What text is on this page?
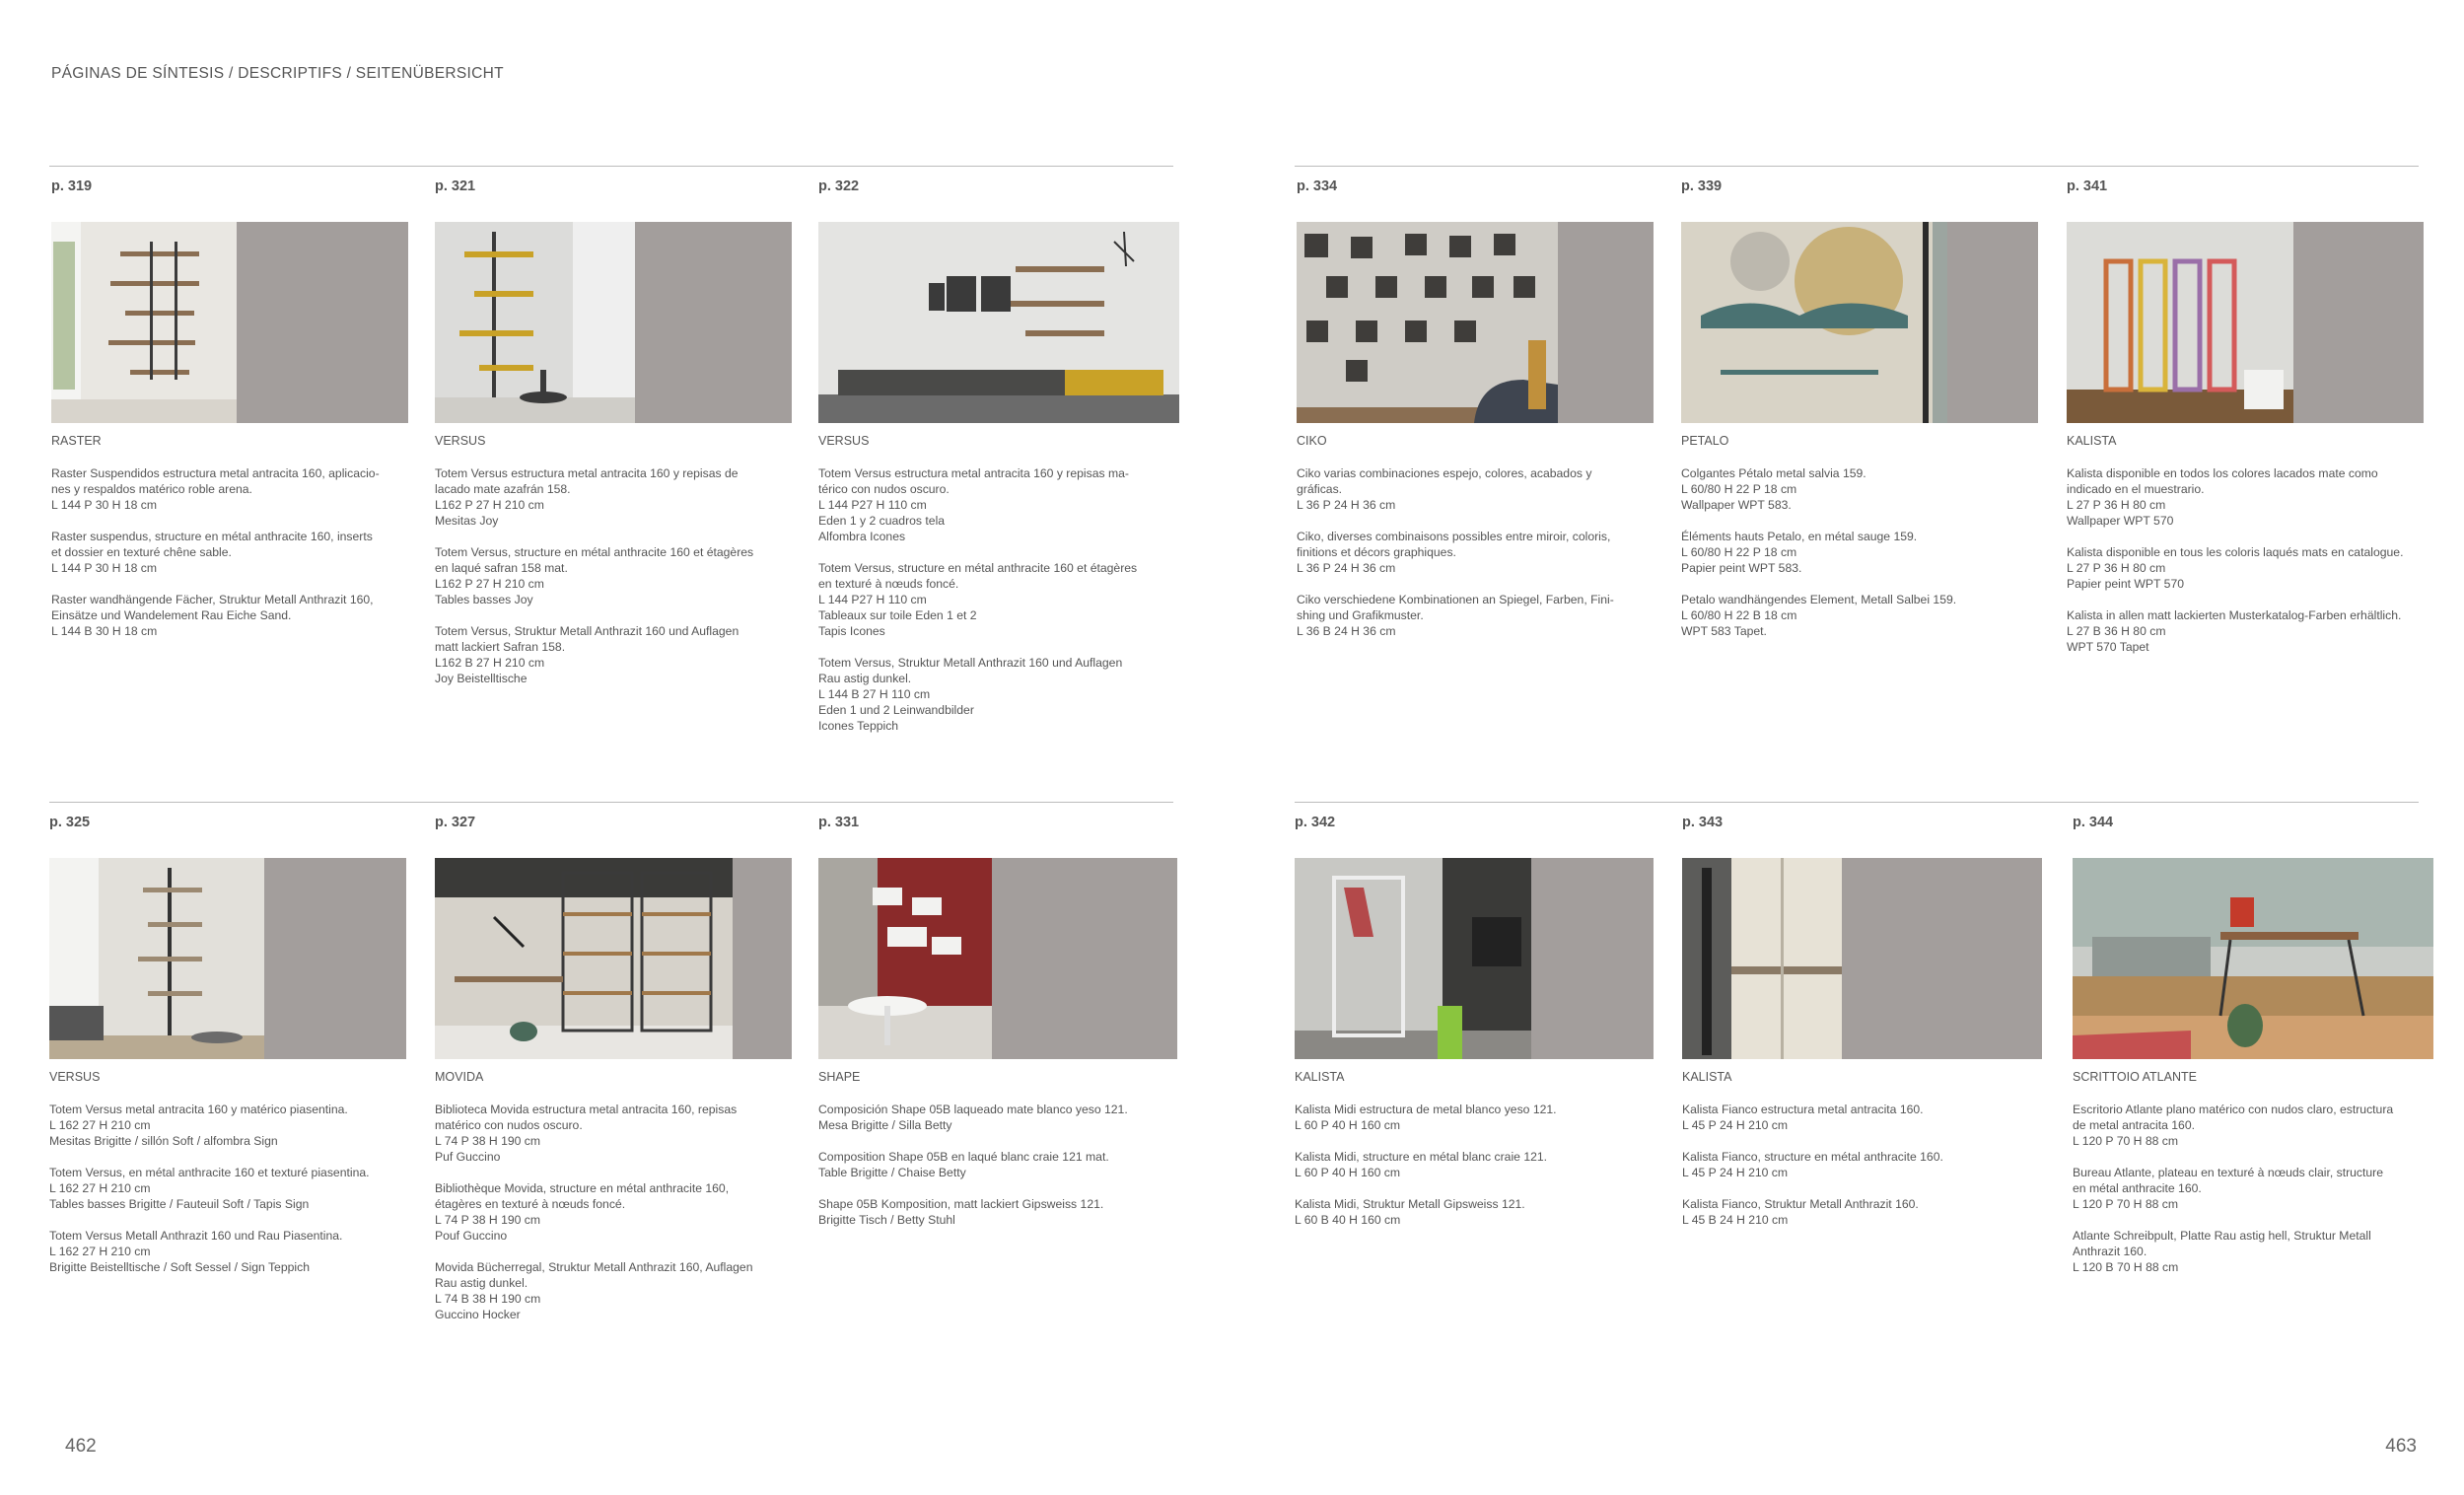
PÁGINAS DE SÍNTESIS / DESCRIPTIFS / SEITENÜBERSICHT
p. 319
RASTER

Raster Suspendidos estructura metal antracita 160, aplicacio-
nes y respaldos matérico roble arena.
L 144 P 30 H 18 cm

Raster suspendus, structure en métal anthracite 160, inserts
et dossier en texturé chêne sable.
L 144 P 30 H 18 cm

Raster wandhängende Fächer, Struktur Metall Anthrazit 160,
Einsätze und Wandelement Rau Eiche Sand.
L 144 B 30 H 18 cm

p. 321
VERSUS

Totem Versus estructura metal antracita 160 y repisas de
lacado mate azafrán 158.
L162 P 27 H 210 cm
Mesitas Joy

Totem Versus, structure en métal anthracite 160 et étagères
en laqué safran 158 mat.
L162 P 27 H 210 cm
Tables basses Joy

Totem Versus, Struktur Metall Anthrazit 160 und Auflagen
matt lackiert Safran 158.
L162 B 27 H 210 cm
Joy Beistelltische

p. 322
VERSUS

Totem Versus estructura metal antracita 160 y repisas ma-
térico con nudos oscuro.
L 144 P27 H 110 cm
Eden 1 y 2 cuadros tela
Alfombra Icones

Totem Versus, structure en métal anthracite 160 et étagères
en texturé à nœuds foncé.
L 144 P27 H 110 cm
Tableaux sur toile Eden 1 et 2
Tapis Icones

Totem Versus, Struktur Metall Anthrazit 160 und Auflagen
Rau astig dunkel.
L 144 B 27 H 110 cm
Eden 1 und 2 Leinwandbilder
Icones Teppich

p. 334
CIKO

Ciko varias combinaciones espejo, colores, acabados y
gráficas.
L 36 P 24 H 36 cm

Ciko, diverses combinaisons possibles entre miroir, coloris,
finitions et décors graphiques.
L 36 P 24 H 36 cm

Ciko verschiedene Kombinationen an Spiegel, Farben, Fini-
shing und Grafikmuster.
L 36 B 24 H 36 cm

p. 339
PETALO

Colgantes Pétalo metal salvia 159.
L 60/80 H 22 P 18 cm
Wallpaper WPT 583.

Éléments hauts Petalo, en métal sauge 159.
L 60/80 H 22 P 18 cm
Papier peint WPT 583.

Petalo wandhängendes Element, Metall Salbei 159.
L 60/80 H 22 B 18 cm
WPT 583 Tapet.

p. 341
KALISTA

Kalista disponible en todos los colores lacados mate como
indicado en el muestrario.
L 27 P 36 H 80 cm
Wallpaper WPT 570

Kalista disponible en tous les coloris laqués mats en catalogue.
L 27 P 36 H 80 cm
Papier peint WPT 570

Kalista in allen matt lackierten Musterkatalog-Farben erhältlich.
L 27 B 36 H 80 cm
WPT 570 Tapet

p. 325
VERSUS

Totem Versus metal antracita 160 y matérico piasentina.
L 162 27 H 210 cm
Mesitas Brigitte / sillón Soft / alfombra Sign

Totem Versus, en métal anthracite 160 et texturé piasentina.
L 162 27 H 210 cm
Tables basses Brigitte / Fauteuil Soft / Tapis Sign

Totem Versus Metall Anthrazit 160 und Rau Piasentina.
L 162 27 H 210 cm
Brigitte Beistelltische / Soft Sessel / Sign Teppich

p. 327
MOVIDA

Biblioteca Movida estructura metal antracita 160, repisas
matérico con nudos oscuro.
L 74 P 38 H 190 cm
Puf Guccino

Bibliothèque Movida, structure en métal anthracite 160,
étagères en texturé à nœuds foncé.
L 74 P 38 H 190 cm
Pouf Guccino

Movida Bücherregal, Struktur Metall Anthrazit 160, Auflagen
Rau astig dunkel.
L 74 B 38 H 190 cm
Guccino Hocker

p. 331
SHAPE

Composición Shape 05B laqueado mate blanco yeso 121.
Mesa Brigitte / Silla Betty

Composition Shape 05B en laqué blanc craie 121 mat.
Table Brigitte / Chaise Betty

Shape 05B Komposition, matt lackiert Gipsweiss 121.
Brigitte Tisch / Betty Stuhl

p. 342
KALISTA

Kalista Midi estructura de metal blanco yeso 121.
L 60 P 40 H 160 cm

Kalista Midi, structure en métal blanc craie 121.
L 60 P 40 H 160 cm

Kalista Midi, Struktur Metall Gipsweiss 121.
L 60 B 40 H 160 cm

p. 343
KALISTA

Kalista Fianco estructura metal antracita 160.
L 45 P 24 H 210 cm

Kalista Fianco, structure en métal anthracite 160.
L 45 P 24 H 210 cm

Kalista Fianco, Struktur Metall Anthrazit 160.
L 45 B 24 H 210 cm

p. 344
SCRITTOIO ATLANTE

Escritorio Atlante plano matérico con nudos claro, estructura
de metal antracita 160.
L 120 P 70 H 88 cm

Bureau Atlante, plateau en texturé à nœuds clair, structure
en métal anthracite 160.
L 120 P 70 H 88 cm

Atlante Schreibpult, Platte Rau astig hell, Struktur Metall
Anthrazit 160.
L 120 B 70 H 88 cm

462	463
